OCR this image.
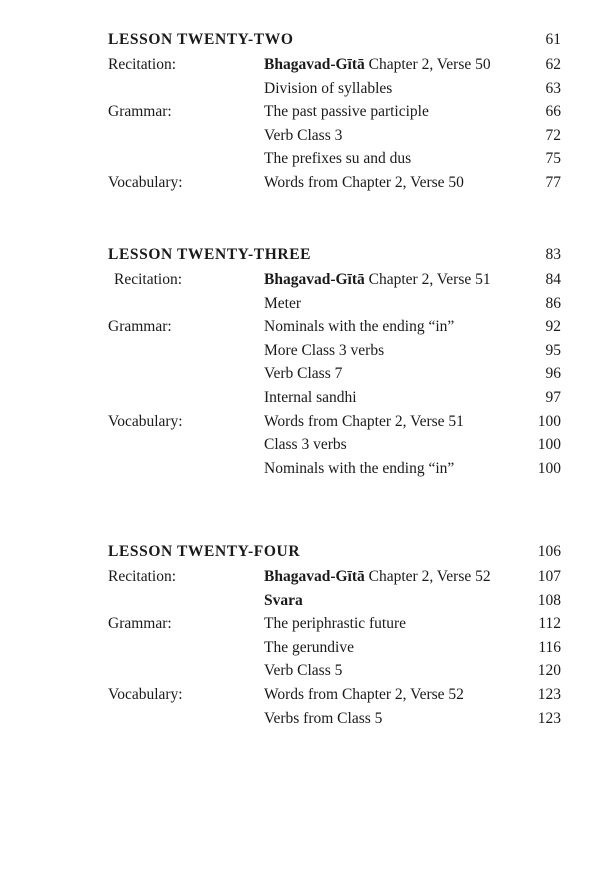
LESSON TWENTY-TWO	61
Recitation:	Bhagavad-Gītā Chapter 2, Verse 50	62
Division of syllables	63
Grammar:	The past passive participle	66
Verb Class 3	72
The prefixes su and dus	75
Vocabulary:	Words from Chapter 2, Verse 50	77
LESSON TWENTY-THREE	83
Recitation:	Bhagavad-Gītā Chapter 2, Verse 51	84
Meter	86
Grammar:	Nominals with the ending “in”	92
More Class 3 verbs	95
Verb Class 7	96
Internal sandhi	97
Vocabulary:	Words from Chapter 2, Verse 51	100
Class 3 verbs	100
Nominals with the ending “in”	100
LESSON TWENTY-FOUR	106
Recitation:	Bhagavad-Gītā Chapter 2, Verse 52	107
Svara	108
Grammar:	The periphrastic future	112
The gerundive	116
Verb Class 5	120
Vocabulary:	Words from Chapter 2, Verse 52	123
Verbs from Class 5	123
